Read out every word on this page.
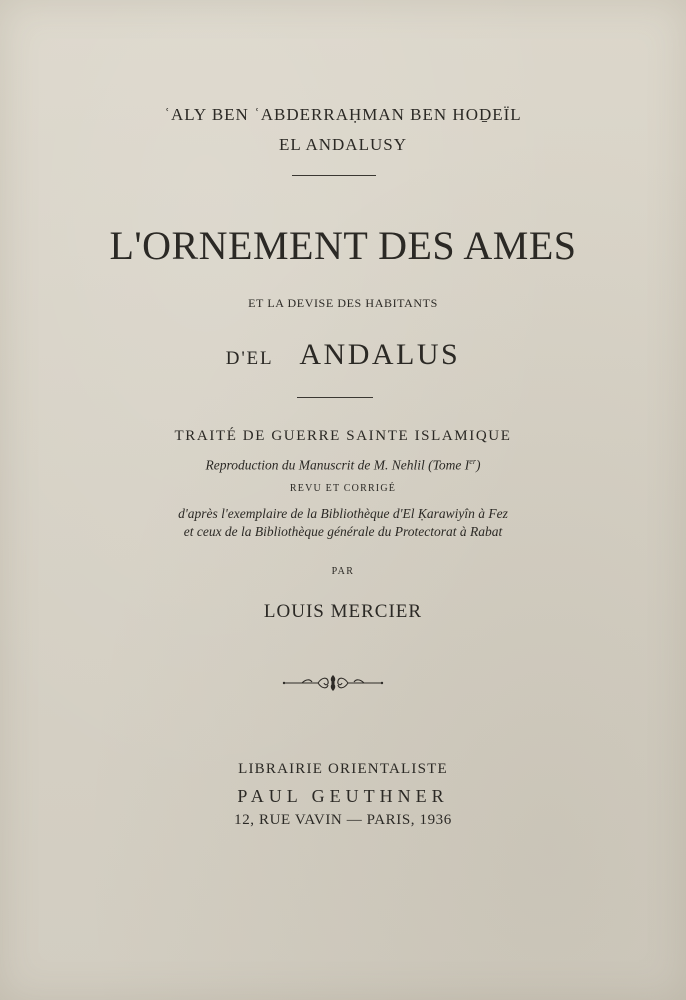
ʿALY BEN ʿABDERRAḤMAN BEN HOḎEÏL
EL ANDALUSY
L'ORNEMENT DES AMES
ET LA DEVISE DES HABITANTS
D'EL ANDALUS
TRAITÉ DE GUERRE SAINTE ISLAMIQUE
Reproduction du Manuscrit de M. Nehlil (Tome Ier)
REVU ET CORRIGÉ
d'après l'exemplaire de la Bibliothèque d'El Ḳarawiyîn à Fez
et ceux de la Bibliothèque générale du Protectorat à Rabat
PAR
LOUIS MERCIER
LIBRAIRIE ORIENTALISTE
PAUL GEUTHNER
12, RUE VAVIN — PARIS, 1936
